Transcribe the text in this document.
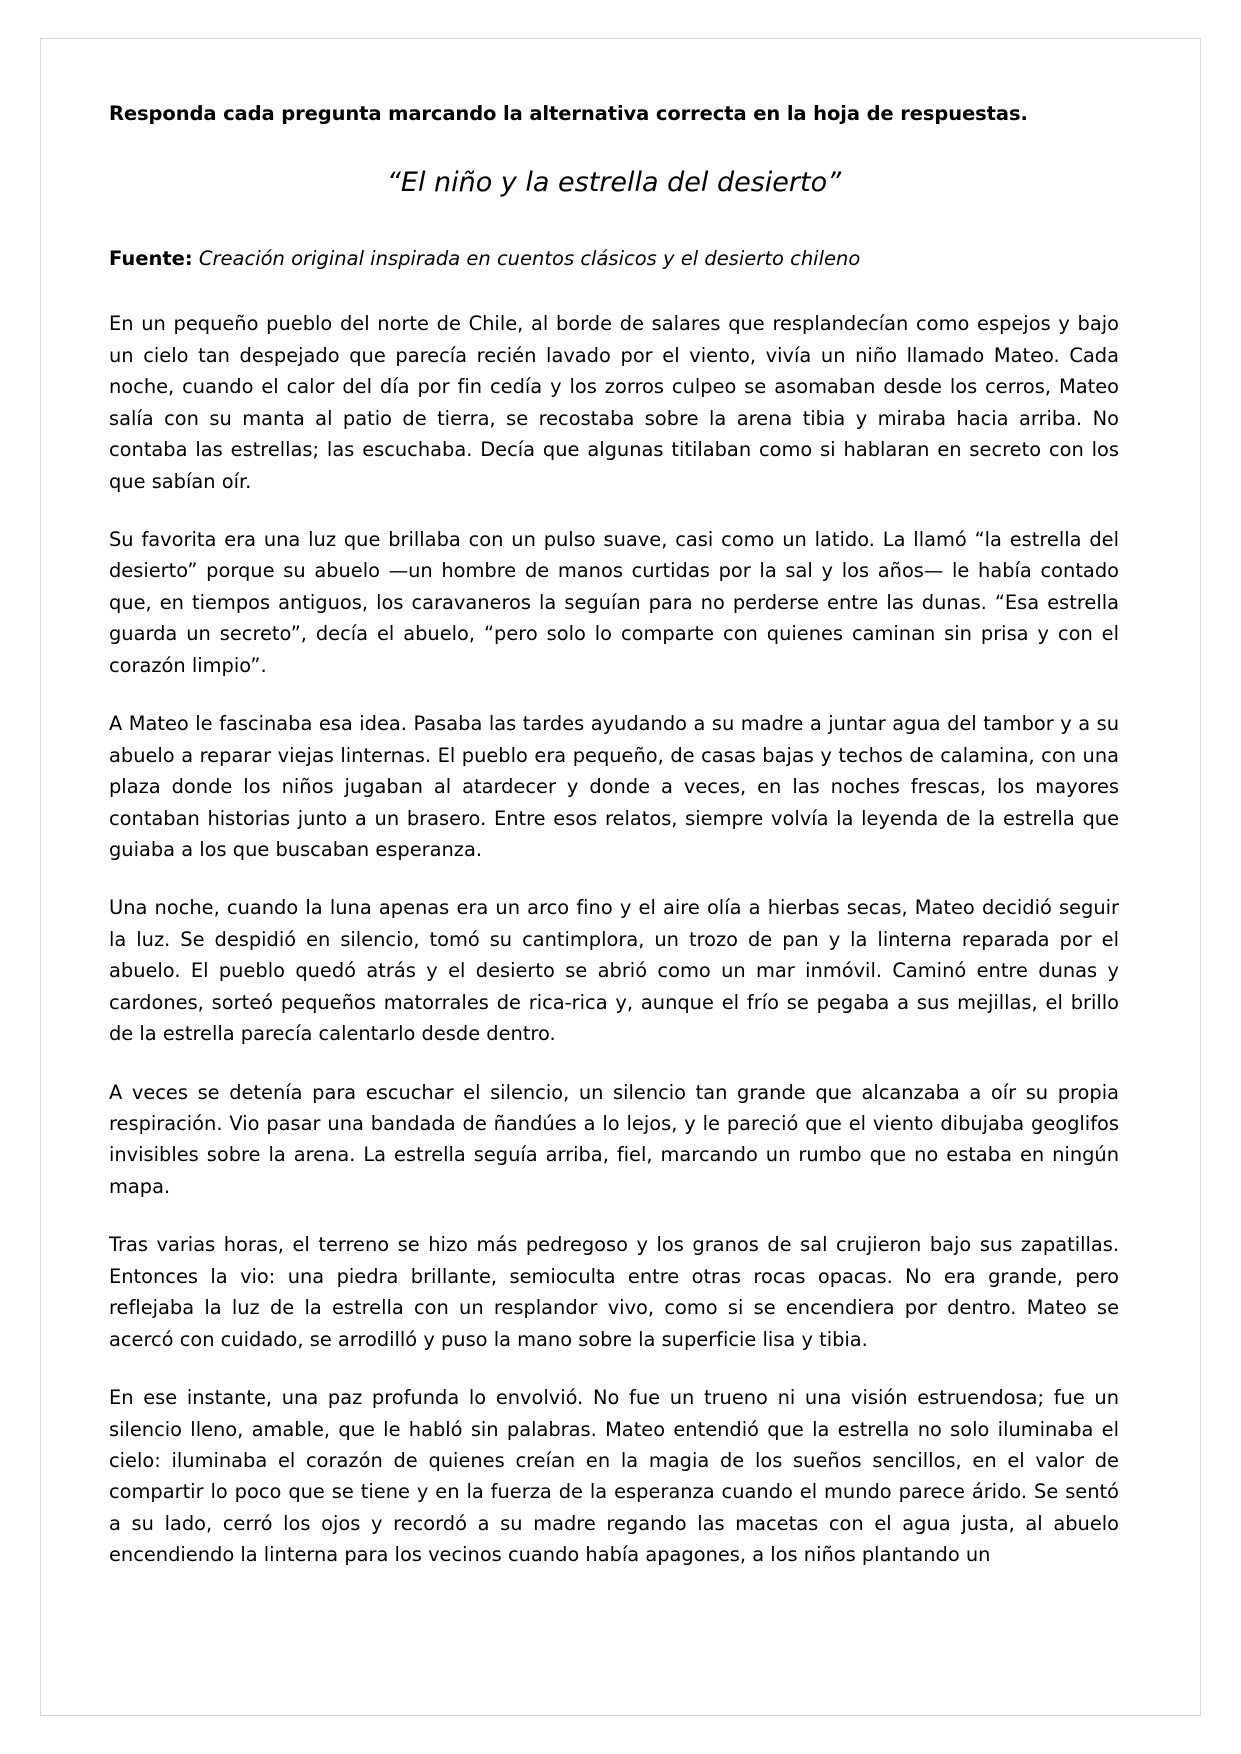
Responda cada pregunta marcando la alternativa correcta en la hoja de respuestas.
“El niño y la estrella del desierto”
Fuente: Creación original inspirada en cuentos clásicos y el desierto chileno

En un pequeño pueblo del norte de Chile, al borde de salares que resplandecían como espejos y bajo un cielo tan despejado que parecía recién lavado por el viento, vivía un niño llamado Mateo. Cada noche, cuando el calor del día por fin cedía y los zorros culpeo se asomaban desde los cerros, Mateo salía con su manta al patio de tierra, se recostaba sobre la arena tibia y miraba hacia arriba. No contaba las estrellas; las escuchaba. Decía que algunas titilaban como si hablaran en secreto con los que sabían oír.

Su favorita era una luz que brillaba con un pulso suave, casi como un latido. La llamó “la estrella del desierto” porque su abuelo —un hombre de manos curtidas por la sal y los años— le había contado que, en tiempos antiguos, los caravaneros la seguían para no perderse entre las dunas. “Esa estrella guarda un secreto”, decía el abuelo, “pero solo lo comparte con quienes caminan sin prisa y con el corazón limpio”.

A Mateo le fascinaba esa idea. Pasaba las tardes ayudando a su madre a juntar agua del tambor y a su abuelo a reparar viejas linternas. El pueblo era pequeño, de casas bajas y techos de calamina, con una plaza donde los niños jugaban al atardecer y donde a veces, en las noches frescas, los mayores contaban historias junto a un brasero. Entre esos relatos, siempre volvía la leyenda de la estrella que guiaba a los que buscaban esperanza.

Una noche, cuando la luna apenas era un arco fino y el aire olía a hierbas secas, Mateo decidió seguir la luz. Se despidió en silencio, tomó su cantimplora, un trozo de pan y la linterna reparada por el abuelo. El pueblo quedó atrás y el desierto se abrió como un mar inmóvil. Caminó entre dunas y cardones, sorteó pequeños matorrales de rica-rica y, aunque el frío se pegaba a sus mejillas, el brillo de la estrella parecía calentarlo desde dentro.

A veces se detenía para escuchar el silencio, un silencio tan grande que alcanzaba a oír su propia respiración. Vio pasar una bandada de ñandúes a lo lejos, y le pareció que el viento dibujaba geoglifos invisibles sobre la arena. La estrella seguía arriba, fiel, marcando un rumbo que no estaba en ningún mapa.

Tras varias horas, el terreno se hizo más pedregoso y los granos de sal crujieron bajo sus zapatillas. Entonces la vio: una piedra brillante, semioculta entre otras rocas opacas. No era grande, pero reflejaba la luz de la estrella con un resplandor vivo, como si se encendiera por dentro. Mateo se acercó con cuidado, se arrodilló y puso la mano sobre la superficie lisa y tibia.

En ese instante, una paz profunda lo envolvió. No fue un trueno ni una visión estruendosa; fue un silencio lleno, amable, que le habló sin palabras. Mateo entendió que la estrella no solo iluminaba el cielo: iluminaba el corazón de quienes creían en la magia de los sueños sencillos, en el valor de compartir lo poco que se tiene y en la fuerza de la esperanza cuando el mundo parece árido. Se sentó a su lado, cerró los ojos y recordó a su madre regando las macetas con el agua justa, al abuelo encendiendo la linterna para los vecinos cuando había apagones, a los niños plantando un
